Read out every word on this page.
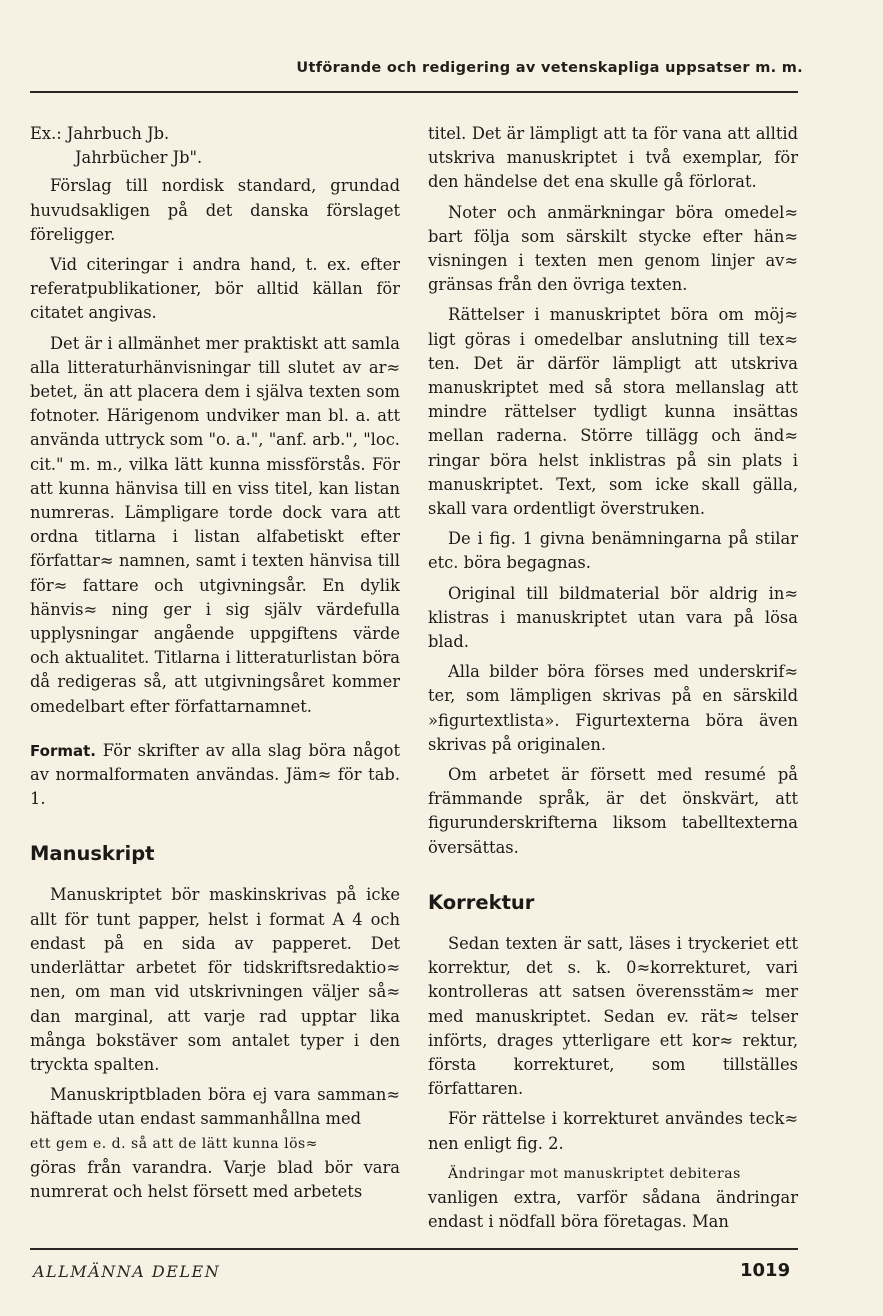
Utförande och redigering av vetenskapliga uppsatser m. m.

Ex.: Jahrbuch Jb.
Jahrbücher Jb".

Förslag till nordisk standard, grundad huvudsakligen på det danska förslaget föreligger.

Vid citeringar i andra hand, t. ex. efter referatpublikationer, bör alltid källan för citatet angivas.

Det är i allmänhet mer praktiskt att samla alla litteraturhänvisningar till slutet av ar≈ betet, än att placera dem i själva texten som fotnoter. Härigenom undviker man bl. a. att använda uttryck som "o. a.", "anf. arb.", "loc. cit." m. m., vilka lätt kunna missförstås. För att kunna hänvisa till en viss titel, kan listan numreras. Lämpligare torde dock vara att ordna titlarna i listan alfabetiskt efter författar≈ namnen, samt i texten hänvisa till för≈ fattare och utgivningsår. En dylik hänvis≈ ning ger i sig själv värdefulla upplysningar angående uppgiftens värde och aktualitet. Titlarna i litteraturlistan böra då redigeras så, att utgivningsåret kommer omedelbart efter författarnamnet.

Format. För skrifter av alla slag böra något av normalformaten användas. Jäm≈ för tab. 1.

Manuskript

Manuskriptet bör maskinskrivas på icke allt för tunt papper, helst i format A 4 och endast på en sida av papperet. Det underlättar arbetet för tidskriftsredaktio≈ nen, om man vid utskrivningen väljer så≈ dan marginal, att varje rad upptar lika många bokstäver som antalet typer i den tryckta spalten.

Manuskriptbladen böra ej vara samman≈ häftade utan endast sammanhållna med

ett gem e. d. så att de lätt kunna lös≈

göras från varandra. Varje blad bör vara numrerat och helst försett med arbetets

titel. Det är lämpligt att ta för vana att alltid utskriva manuskriptet i två exemplar, för den händelse det ena skulle gå förlorat.

Noter och anmärkningar böra omedel≈ bart följa som särskilt stycke efter hän≈ visningen i texten men genom linjer av≈ gränsas från den övriga texten.

Rättelser i manuskriptet böra om möj≈ ligt göras i omedelbar anslutning till tex≈ ten. Det är därför lämpligt att utskriva manuskriptet med så stora mellanslag att mindre rättelser tydligt kunna insättas mellan raderna. Större tillägg och änd≈ ringar böra helst inklistras på sin plats i manuskriptet. Text, som icke skall gälla, skall vara ordentligt överstruken.

De i fig. 1 givna benämningarna på stilar etc. böra begagnas.

Original till bildmaterial bör aldrig in≈ klistras i manuskriptet utan vara på lösa blad.

Alla bilder böra förses med underskrif≈ ter, som lämpligen skrivas på en särskild »figurtextlista». Figurtexterna böra även skrivas på originalen.

Om arbetet är försett med resumé på främmande språk, är det önskvärt, att figurunderskrifterna liksom tabelltexterna översättas.

Korrektur

Sedan texten är satt, läses i tryckeriet ett korrektur, det s. k. 0≈korrekturet, vari kontrolleras att satsen överensstäm≈ mer med manuskriptet. Sedan ev. rät≈ telser införts, drages ytterligare ett kor≈ rektur, första korrekturet, som tillställes författaren.

För rättelse i korrekturet användes teck≈ nen enligt fig. 2.

Ändringar mot manuskriptet debiteras

vanligen extra, varför sådana ändringar endast i nödfall böra företagas. Man

ALLMÄNNA DELEN	1019
